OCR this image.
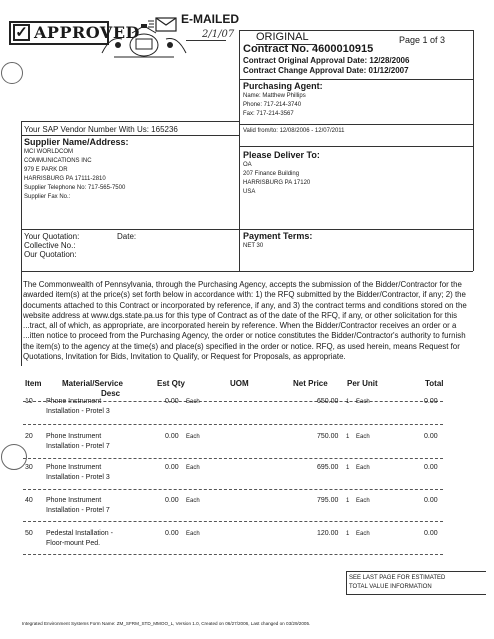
✓ APPROVED
E-MAILED
2/1/07 ORIGINAL	Page 1 of 3
Contract No. 4600010915
Contract Original Approval Date: 12/28/2006
Contract Change Approval Date: 01/12/2007
Purchasing Agent:
Name: Matthew Phillips
Phone: 717-214-3740
Fax: 717-214-3567
Your SAP Vendor Number With Us: 165236	Valid from/to: 12/08/2006 - 12/07/2011
Supplier Name/Address:
MCI WORLDCOM
COMMUNICATIONS INC
979 E PARK DR
HARRISBURG PA 17111-2810
Supplier Telephone No: 717-565-7500
Supplier Fax No.:
Please Deliver To:
OA
207 Finance Building
HARRISBURG PA 17120
USA
Your Quotation:	Date:
Collective No.:
Our Quotation:
Payment Terms:
NET 30
The Commonwealth of Pennsylvania, through the Purchasing Agency, accepts the submission of the Bidder/Contractor for the
awarded item(s) at the price(s) set forth below in accordance with: 1) the RFQ submitted by the Bidder/Contractor, if any; 2) the
documents attached to this Contract or incorporated by reference, if any, and 3) the contract terms and conditions stored on the
website address at www.dgs.state.pa.us for this type of Contract as of the date of the RFQ, if any, or other solicitation for this
...tract, all of which, as appropriate, are incorporated herein by reference. When the Bidder/Contractor receives an order or a
...itten notice to proceed from the Purchasing Agency, the order or notice constitutes the Bidder/Contractor's authority to furnish
the item(s) to the agency at the time(s) and place(s) specified in the order or notice. RFQ, as used herein, means Request for
Quotations, Invitation for Bids, Invitation to Qualify, or Request for Proposals, as appropriate.
Item	Material/Service
Desc
Est Qty	UOM	Net Price Per Unit	Total
10 Phone Instrument
Installation - Protel 3
0.00 Each	650.00 1 Each	0.00
20 Phone Instrument
Installation - Protel 7
0.00 Each	750.00 1 Each	0.00
30 Phone Instrument
Installation - Protel 3
0.00 Each	695.00 1 Each	0.00
40 Phone Instrument
Installation - Protel 7
0.00 Each	795.00 1 Each	0.00
50 Pedestal Installation -
Floor-mount Ped.
0.00 Each	120.00 1 Each	0.00
SEE LAST PAGE FOR ESTIMATED
TOTAL VALUE INFORMATION
Integrated Environment Systems Form Name: ZM_SFRM_STD_MMOO_L, Version 1.0, Created on 06/27/2006, Last changed on 03/29/2005.
